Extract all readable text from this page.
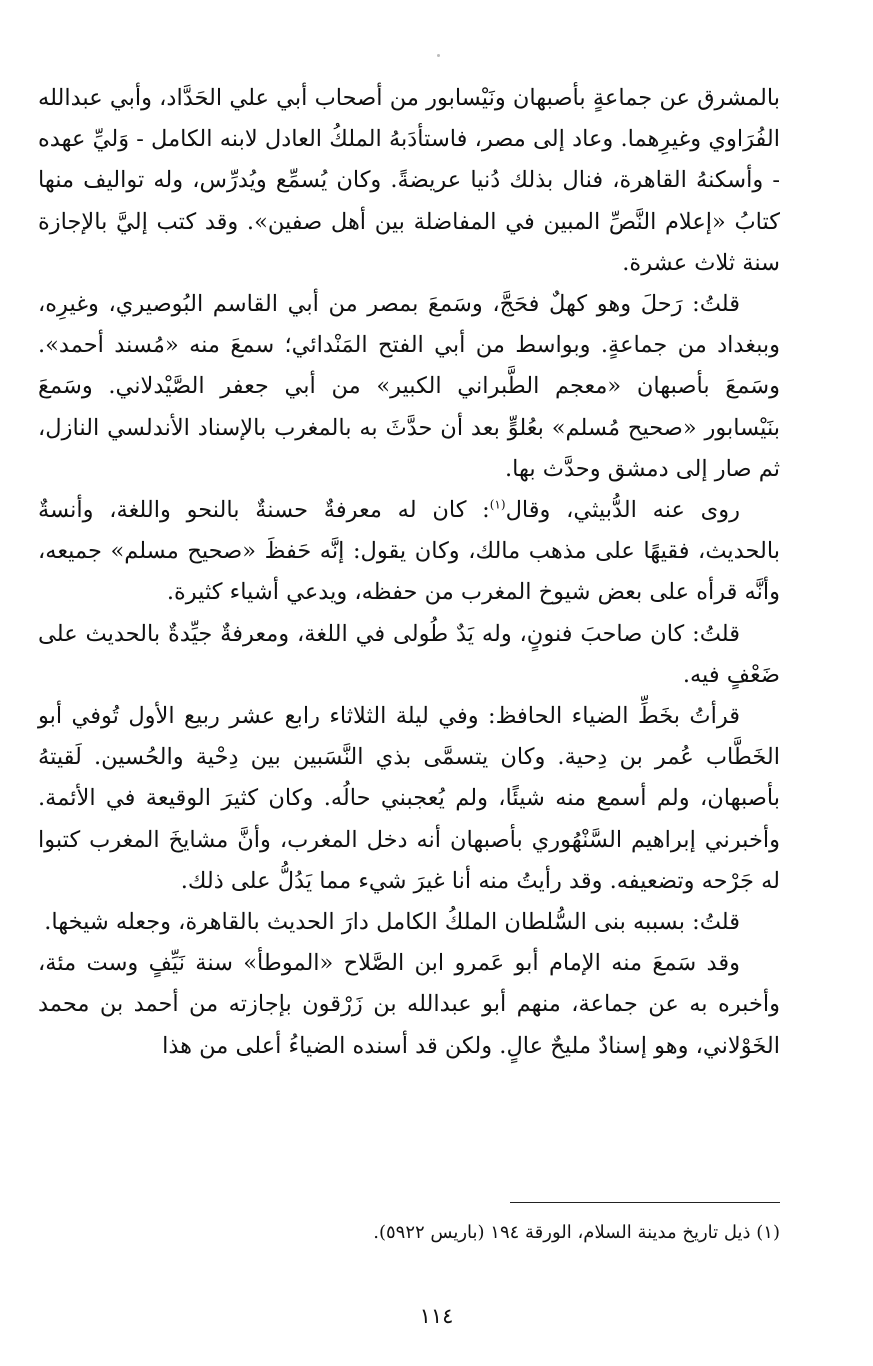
بالمشرق عن جماعةٍ بأصبهان ونَيْسابور من أصحاب أبي علي الحَدَّاد، وأبي عبدالله الفُرَاوي وغيرِهما. وعاد إلى مصر، فاستأدَبهُ الملكُ العادل لابنه الكامل - وَليِّ عهده - وأسكنهُ القاهرة، فنال بذلك دُنيا عريضةً. وكان يُسمِّع ويُدرِّس، وله تواليف منها كتابُ «إعلام النَّصِّ المبين في المفاضلة بين أهل صفين». وقد كتب إليَّ بالإجازة سنة ثلاث عشرة.

قلتُ: رَحلَ وهو كهلٌ فحَجَّ، وسَمعَ بمصر من أبي القاسم البُوصيري، وغيرِه، وببغداد من جماعةٍ. وبواسط من أبي الفتح المَنْدائي؛ سمعَ منه «مُسند أحمد». وسَمعَ بأصبهان «معجم الطَّبراني الكبير» من أبي جعفر الصَّيْدلاني. وسَمعَ بنَيْسابور «صحيح مُسلم» بعُلوٍّ بعد أن حدَّثَ به بالمغرب بالإسناد الأندلسي النازل، ثم صار إلى دمشق وحدَّث بها.

روى عنه الدُّبيثي، وقال$^{(١)}$: كان له معرفةٌ حسنةٌ بالنحو واللغة، وأنسةٌ بالحديث، فقيهًا على مذهب مالك، وكان يقول: إنَّه حَفظَ «صحيح مسلم» جميعه، وأنَّه قرأه على بعض شيوخ المغرب من حفظه، ويدعي أشياء كثيرة.

قلتُ: كان صاحبَ فنونٍ، وله يَدٌ طُولى في اللغة، ومعرفةٌ جيِّدةٌ بالحديث على ضَعْفٍ فيه.

قرأتُ بخَطِّ الضياء الحافظ: وفي ليلة الثلاثاء رابع عشر ربيع الأول تُوفي أبو الخَطَّاب عُمر بن دِحية. وكان يتسمَّى بذي النَّسَبين بين دِحْية والحُسين. لَقيتهُ بأصبهان، ولم أسمع منه شيئًا، ولم يُعجبني حالُه. وكان كثيرَ الوقيعة في الأئمة. وأخبرني إبراهيم السَّنْهُوري بأصبهان أنه دخل المغرب، وأنَّ مشايخَ المغرب كتبوا له جَرْحه وتضعيفه. وقد رأيتُ منه أنا غيرَ شيء مما يَدُلُّ على ذلك.

قلتُ: بسببه بنى السُّلطان الملكُ الكامل دارَ الحديث بالقاهرة، وجعله شيخها.

وقد سَمعَ منه الإمام أبو عَمرو ابن الصَّلاح «الموطأ» سنة نَيِّفٍ وست مئة، وأخبره به عن جماعة، منهم أبو عبدالله بن زَرْقون بإجازته من أحمد بن محمد الخَوْلاني، وهو إسنادٌ مليحٌ عالٍ. ولكن قد أسنده الضياءُ أعلى من هذا

(١) ذيل تاريخ مدينة السلام، الورقة ١٩٤ (باريس ٥٩٢٢).
١١٤
